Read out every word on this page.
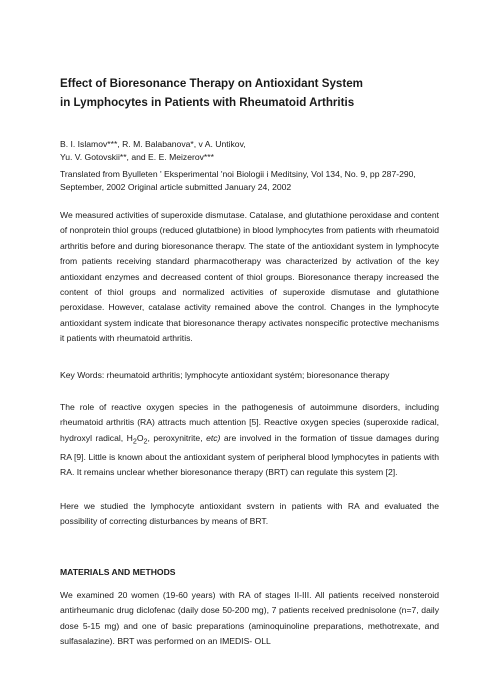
Effect of Bioresonance Therapy on Antioxidant System
in Lymphocytes in Patients with Rheumatoid Arthritis
B. I. Islamov***, R. M. Balabanova*, v A. Untikov,
Yu. V. Gotovskii**, and E. E. Meizerov***
Translated from Byulleten ' Eksperimental 'noi Biologii i Meditsiny, Vol 134, No. 9, pp 287-290, September, 2002 Original article submitted January 24, 2002

We measured activities of superoxide dismutase. Catalase, and glutathione peroxidase and content of nonprotein thiol groups (reduced glutatbione) in blood lymphocytes from patients with rheumatoid arthritis before and during bioresonance therapv. The state of the antioxidant system in lymphocyte from patients receiving standard pharmacotherapy was characterized by activation of the key antioxidant enzymes and decreased content of thiol groups. Bioresonance therapy increased the content of thiol groups and normalized activities of superoxide dismutase and glutathione peroxidase. However, catalase activity remained above the control. Changes in the lymphocyte antioxidant system indicate that bioresonance therapy activates nonspecific protective mechanisms it patients with rheumatoid arthritis.

Key Words: rheumatoid arthritis; lymphocyte antioxidant systém; bioresonance therapy

The role of reactive oxygen species in the pathogenesis of autoimmune disorders, including rheumatoid arthritis (RA) attracts much attention [5]. Reactive oxygen species (superoxide radical, hydroxyl radical, $H_2O_2$, peroxynitrite, etc) are involved in the formation of tissue damages during RA [9]. Little is known about the antioxidant system of peripheral blood lymphocytes in patients with RA. It remains unclear whether bioresonance therapy (BRT) can regulate this system [2].

Here we studied the lymphocyte antioxidant svstern in patients with RA and evaluated the possibility of correcting disturbances by means of BRT.

MATERIALS AND METHODS

We examined 20 women (19-60 years) with RA of stages II-III. All patients received nonsteroid antirheumanic drug diclofenac (daily dose 50-200 mg), 7 patients received prednisolone (n=7, daily dose 5-15 mg) and one of basic preparations (aminoquinoline preparations, methotrexate, and sulfasalazine). BRT was performed on an IMEDIS- OLL
